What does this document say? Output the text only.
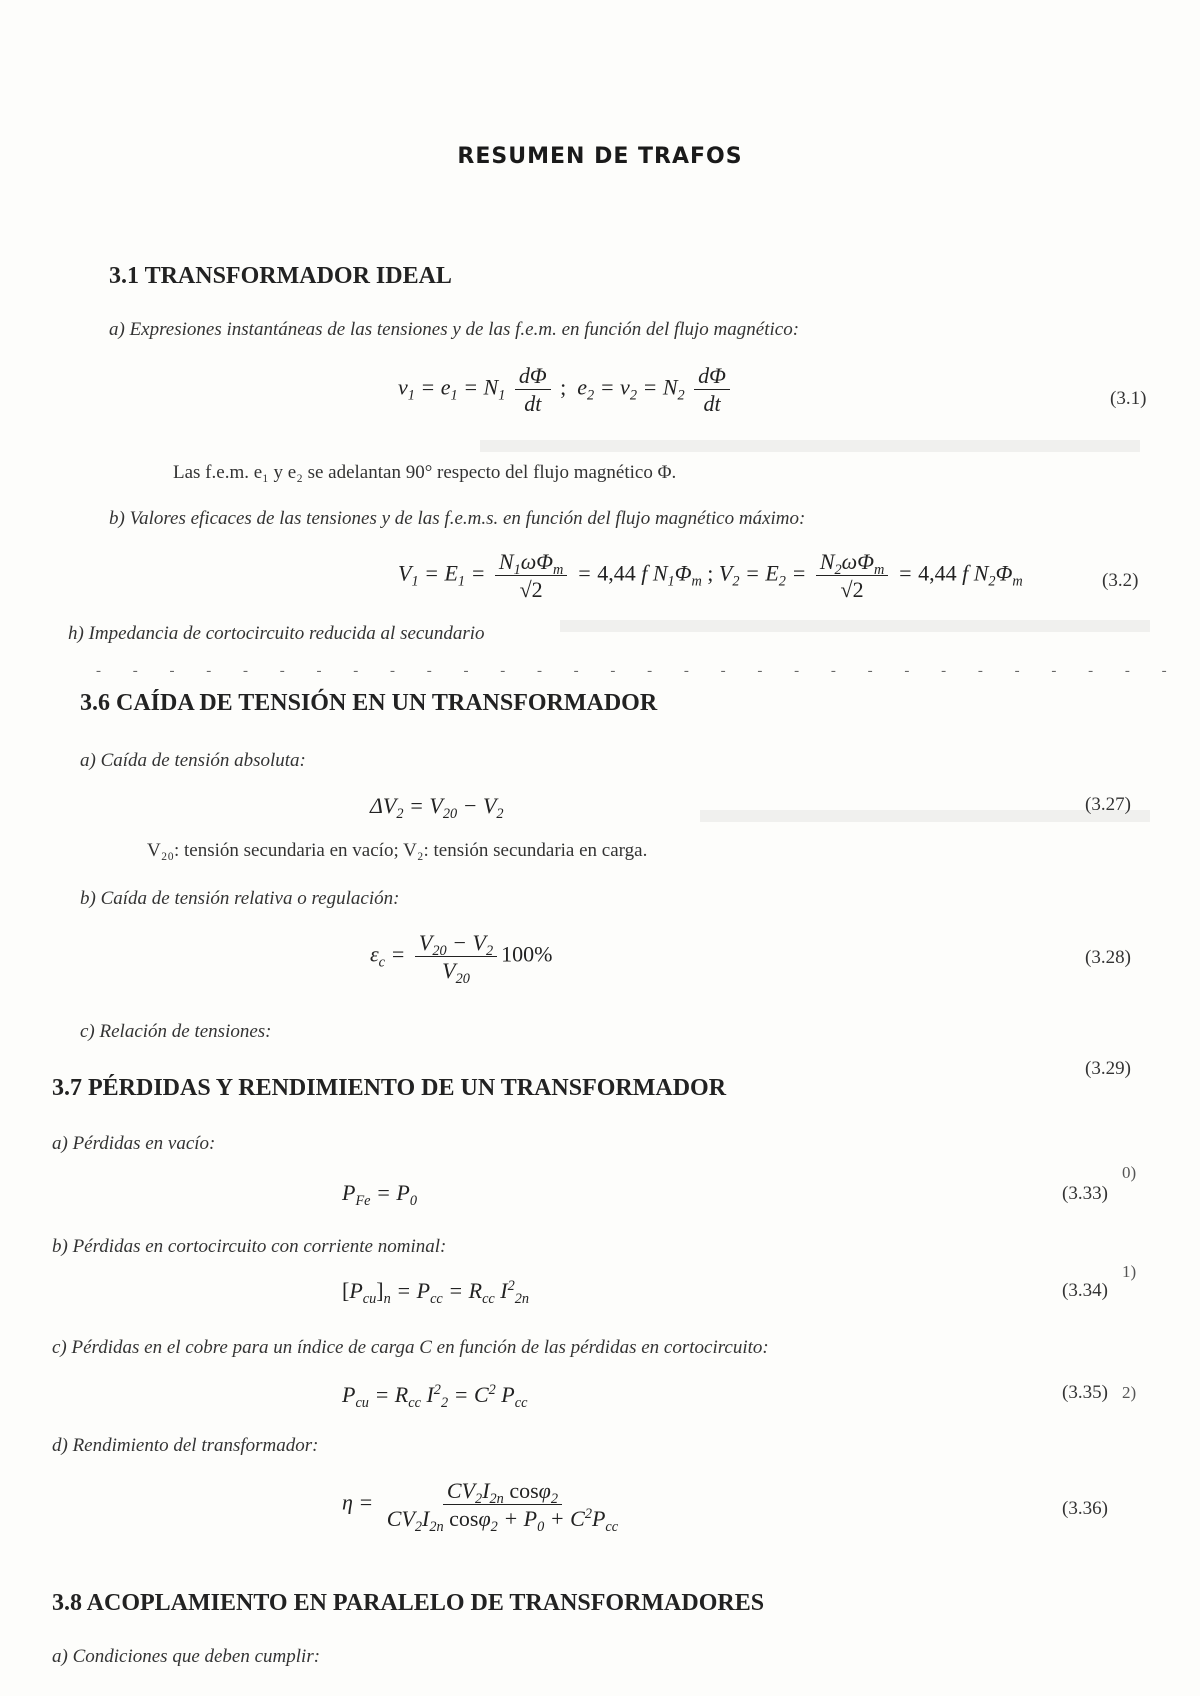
RESUMEN DE TRAFOS
3.1 TRANSFORMADOR IDEAL
a) Expresiones instantáneas de las tensiones y de las f.e.m. en función del flujo magnético:
$v_1 = e_1 = N_1 \frac{d\Phi}{dt}$ ;  $e_2 = v_2 = N_2 \frac{d\Phi}{dt}$	(3.1)
Las f.e.m. e₁ y e₂ se adelantan 90° respecto del flujo magnético Φ.
b) Valores eficaces de las tensiones y de las f.e.m.s. en función del flujo magnético máximo:
$V_1 = E_1 = \frac{N_1\omega\Phi_m}{√2} = 4,44$ f $N_1\Phi_m$ ; $V_2 = E_2 = \frac{N_2\omega\Phi_m}{√2} = 4,44$ f $N_2\Phi_m$	(3.2)
h) Impedancia de cortocircuito reducida al secundario
- - - - - - - - - - - - - - - - - - - - - - - - - - - - - -
3.6 CAÍDA DE TENSIÓN EN UN TRANSFORMADOR
a) Caída de tensión absoluta:
$\Delta V_2 = V_{20} - V_2$	(3.27)
V₂₀: tensión secundaria en vacío; V₂: tensión secundaria en carga.
b) Caída de tensión relativa o regulación:
$\varepsilon_c = \frac{V_{20} - V_2}{V_{20}} 100\%$	(3.28)
c) Relación de tensiones:
(3.29)
3.7 PÉRDIDAS Y RENDIMIENTO DE UN TRANSFORMADOR
a) Pérdidas en vacío:
$P_{Fe} = P_0$	(3.33)
0)
b) Pérdidas en cortocircuito con corriente nominal:
$[P_{cu}]_n = P_{cc} = R_{cc}$ $I^2_{2n}$	(3.34)
1)
c) Pérdidas en el cobre para un índice de carga C en función de las pérdidas en cortocircuito:
$P_{cu} = R_{cc}$ $I^2_2 = C^2$ $P_{cc}$	(3.35) 2)
d) Rendimiento del transformador:
$\eta = \frac{CV_2I_{2n} \cos\varphi_2}{CV_2I_{2n} \cos\varphi_2 + P_0 + C^2P_{cc}}$	(3.36)
3.8 ACOPLAMIENTO EN PARALELO DE TRANSFORMADORES
a) Condiciones que deben cumplir:
